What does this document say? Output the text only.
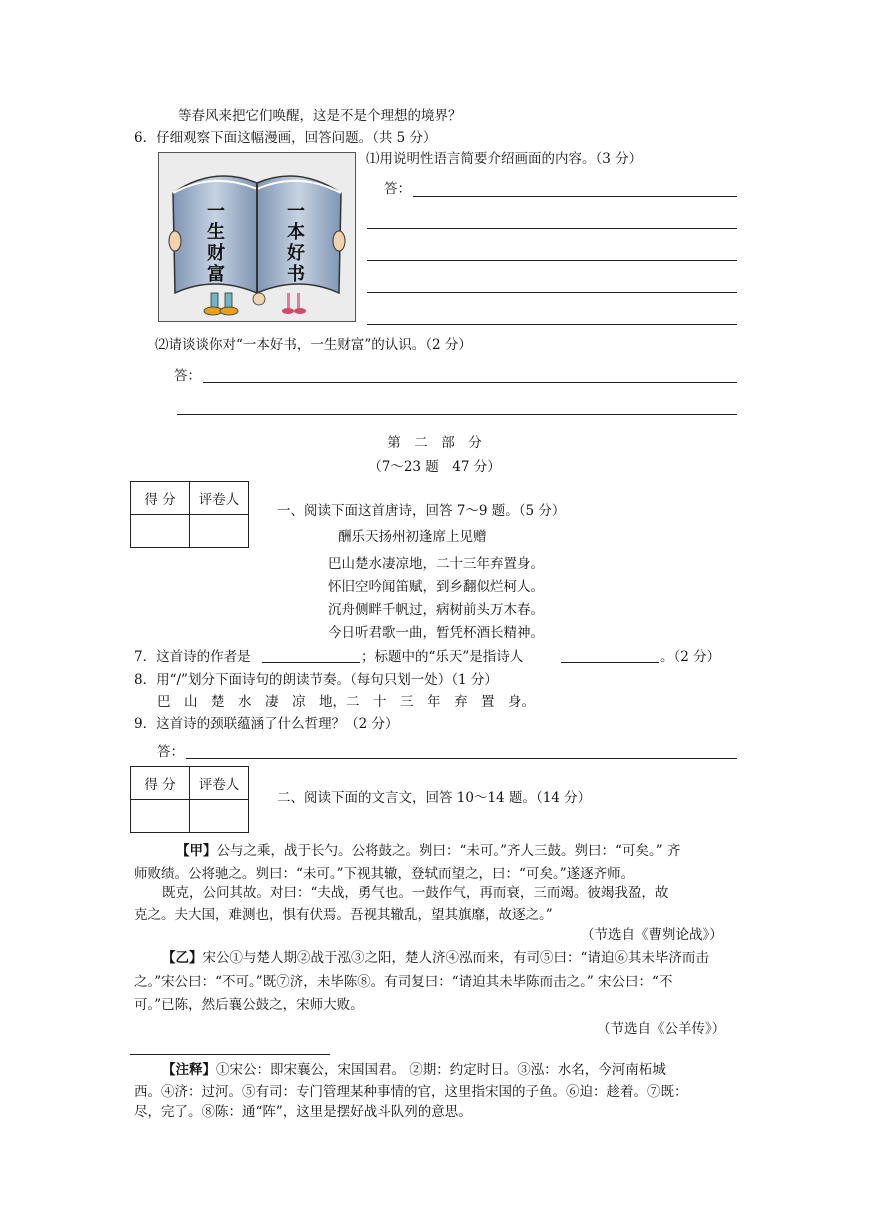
等春风来把它们唤醒，这是不是个理想的境界？
6．仔细观察下面这幅漫画，回答问题。（共 5 分）
一生财富
一本好书
⑴用说明性语言简要介绍画面的内容。（3 分）
答：
⑵请谈谈你对“一本好书，一生财富”的认识。（2 分）
答：
第　二　部　分
（7～23 题　47 分）
得 分	评卷人

一、阅读下面这首唐诗，回答 7～9 题。（5 分）
酬乐天扬州初逢席上见赠
巴山楚水凄凉地，二十三年弃置身。
怀旧空吟闻笛赋，到乡翻似烂柯人。
沉舟侧畔千帆过，病树前头万木春。
今日听君歌一曲，暂凭杯酒长精神。
7．这首诗的作者是	；标题中的“乐天”是指诗人	。（2 分）
8．用“/”划分下面诗句的朗读节奏。（每句只划一处）（1 分）
巴　山　楚　水　凄　凉　地，二　十　三　年　弃　置　身。
9．这首诗的颈联蕴涵了什么哲理？（2 分）
答：
得 分	评卷人

二、阅读下面的文言文，回答 10～14 题。（14 分）
【甲】公与之乘，战于长勺。公将鼓之。刿曰：“未可。”齐人三鼓。刿曰：“可矣。” 齐
师败绩。公将驰之。刿曰：“未可。”下视其辙，登轼而望之，曰：“可矣。”遂逐齐师。
既克，公问其故。对曰：“夫战，勇气也。一鼓作气，再而衰，三而竭。彼竭我盈，故
克之。夫大国，难测也，惧有伏焉。吾视其辙乱，望其旗靡，故逐之。”
（节选自《曹刿论战》）
【乙】宋公①与楚人期②战于泓③之阳，楚人济④泓而来，有司⑤曰：“请迫⑥其未毕济而击
之。”宋公曰：“不可。”既⑦济，未毕陈⑧。有司复曰：“请迫其未毕陈而击之。” 宋公曰：“不
可。”已陈，然后襄公鼓之，宋师大败。
（节选自《公羊传》）
【注释】①宋公：即宋襄公，宋国国君。 ②期：约定时日。③泓：水名，今河南柘城
西。④济：过河。⑤有司：专门管理某种事情的官，这里指宋国的子鱼。⑥迫：趁着。⑦既：
尽，完了。⑧陈：通“阵”，这里是摆好战斗队列的意思。
